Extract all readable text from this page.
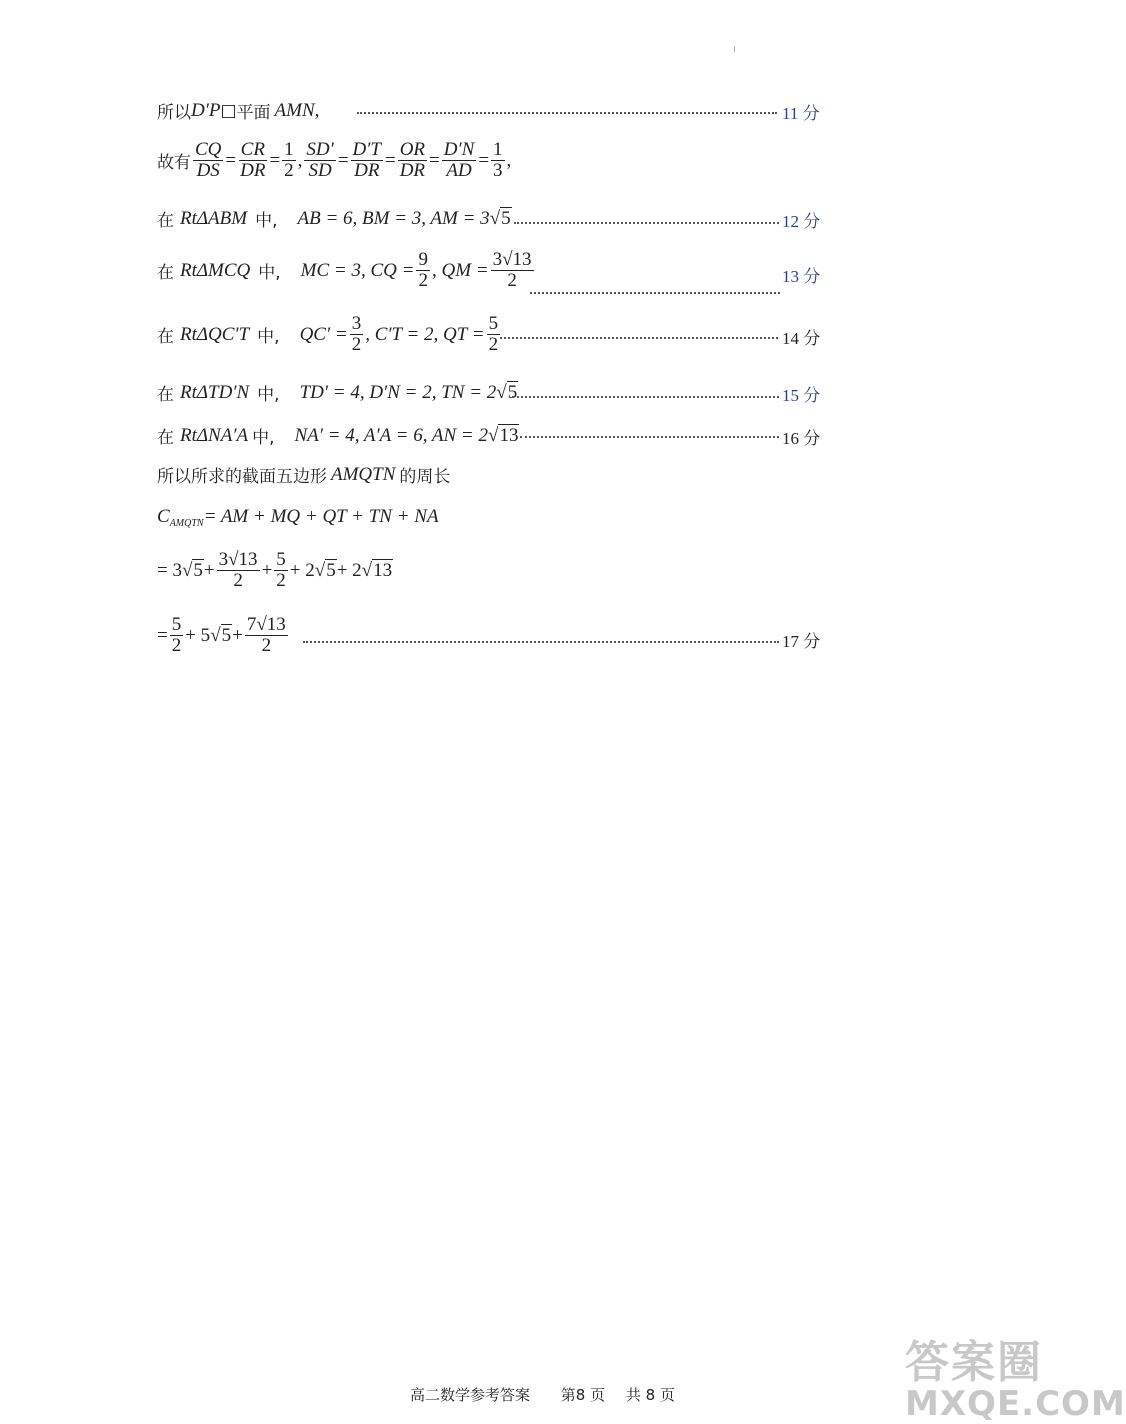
所以 D′P □ 平面 AMN ,	11 分
故有 $\frac{CQ}{DS} = \frac{CR}{DR} = \frac{1}{2}$ , $\frac{SD'}{SD} = \frac{D'T}{DR} = \frac{OR}{DR} = \frac{D'N}{AD} = \frac{1}{3}$ ,
在 RtΔABM 中, AB = 6, BM = 3, AM = 3 √5	12 分
在 RtΔMCQ 中, MC = 3, CQ = $\frac{9}{2}$ , QM = $\frac{3√13}{2}$	13 分
在 RtΔQC′T 中, $QC' = \frac{3}{2}$ , C′T = 2, QT = $\frac{5}{2}$	14 分
在 RtΔTD′N 中, TD′ = 4, D′N = 2, TN = 2 √5	15 分
在 RtΔNA′A 中, NA′ = 4, A′A = 6, AN = 2 √13	16 分
所以所求的截面五边形 AMQTN 的周长
C AMQTN = AM + MQ + QT + TN + NA
= 3 $√5 + \frac{3√13}{2} + \frac{5}{2} + 2$ √5 + 2 √13
= $\frac{5}{2} + 5$ $√5 + \frac{7√13}{2}$	17 分
高二数学参考答案 第8 页 共 8 页
答案圈
MXQE.COM
